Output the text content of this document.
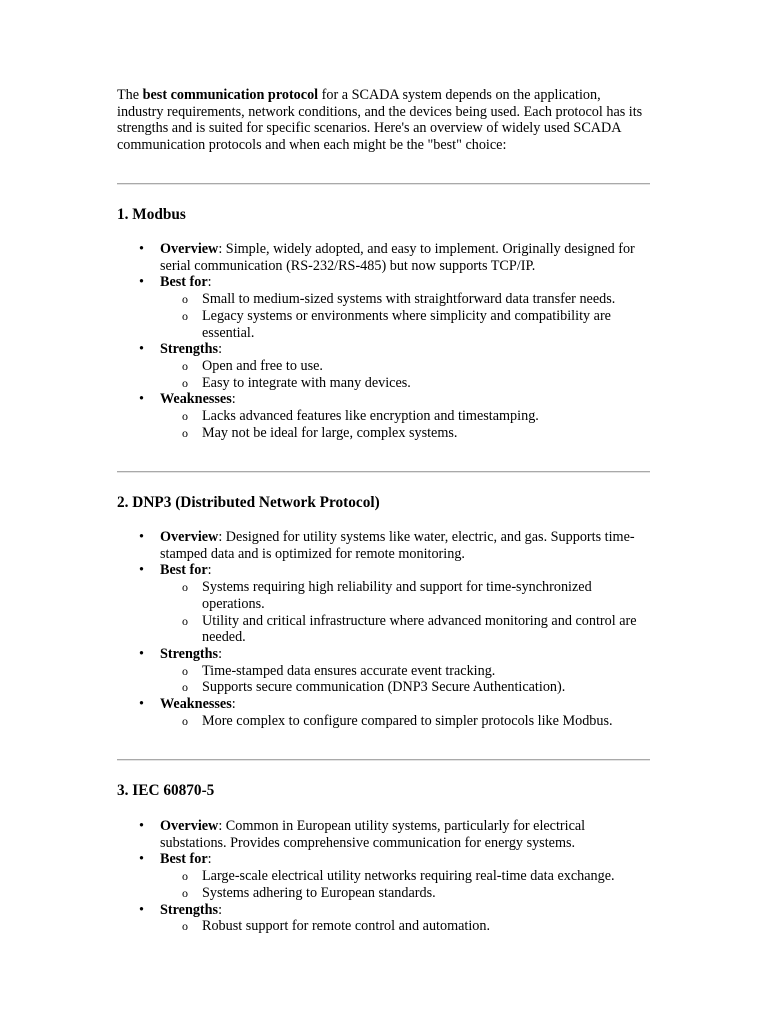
The best communication protocol for a SCADA system depends on the application, industry requirements, network conditions, and the devices being used. Each protocol has its strengths and is suited for specific scenarios. Here's an overview of widely used SCADA communication protocols and when each might be the "best" choice:

1. Modbus
• Overview: Simple, widely adopted, and easy to implement. Originally designed for serial communication (RS-232/RS-485) but now supports TCP/IP.
• Best for:
o Small to medium-sized systems with straightforward data transfer needs.
o Legacy systems or environments where simplicity and compatibility are essential.
• Strengths:
o Open and free to use.
o Easy to integrate with many devices.
• Weaknesses:
o Lacks advanced features like encryption and timestamping.
o May not be ideal for large, complex systems.
2. DNP3 (Distributed Network Protocol)
• Overview: Designed for utility systems like water, electric, and gas. Supports time-stamped data and is optimized for remote monitoring.
• Best for:
o Systems requiring high reliability and support for time-synchronized operations.
o Utility and critical infrastructure where advanced monitoring and control are needed.
• Strengths:
o Time-stamped data ensures accurate event tracking.
o Supports secure communication (DNP3 Secure Authentication).
• Weaknesses:
o More complex to configure compared to simpler protocols like Modbus.
3. IEC 60870-5
• Overview: Common in European utility systems, particularly for electrical substations. Provides comprehensive communication for energy systems.
• Best for:
o Large-scale electrical utility networks requiring real-time data exchange.
o Systems adhering to European standards.
• Strengths:
o Robust support for remote control and automation.
